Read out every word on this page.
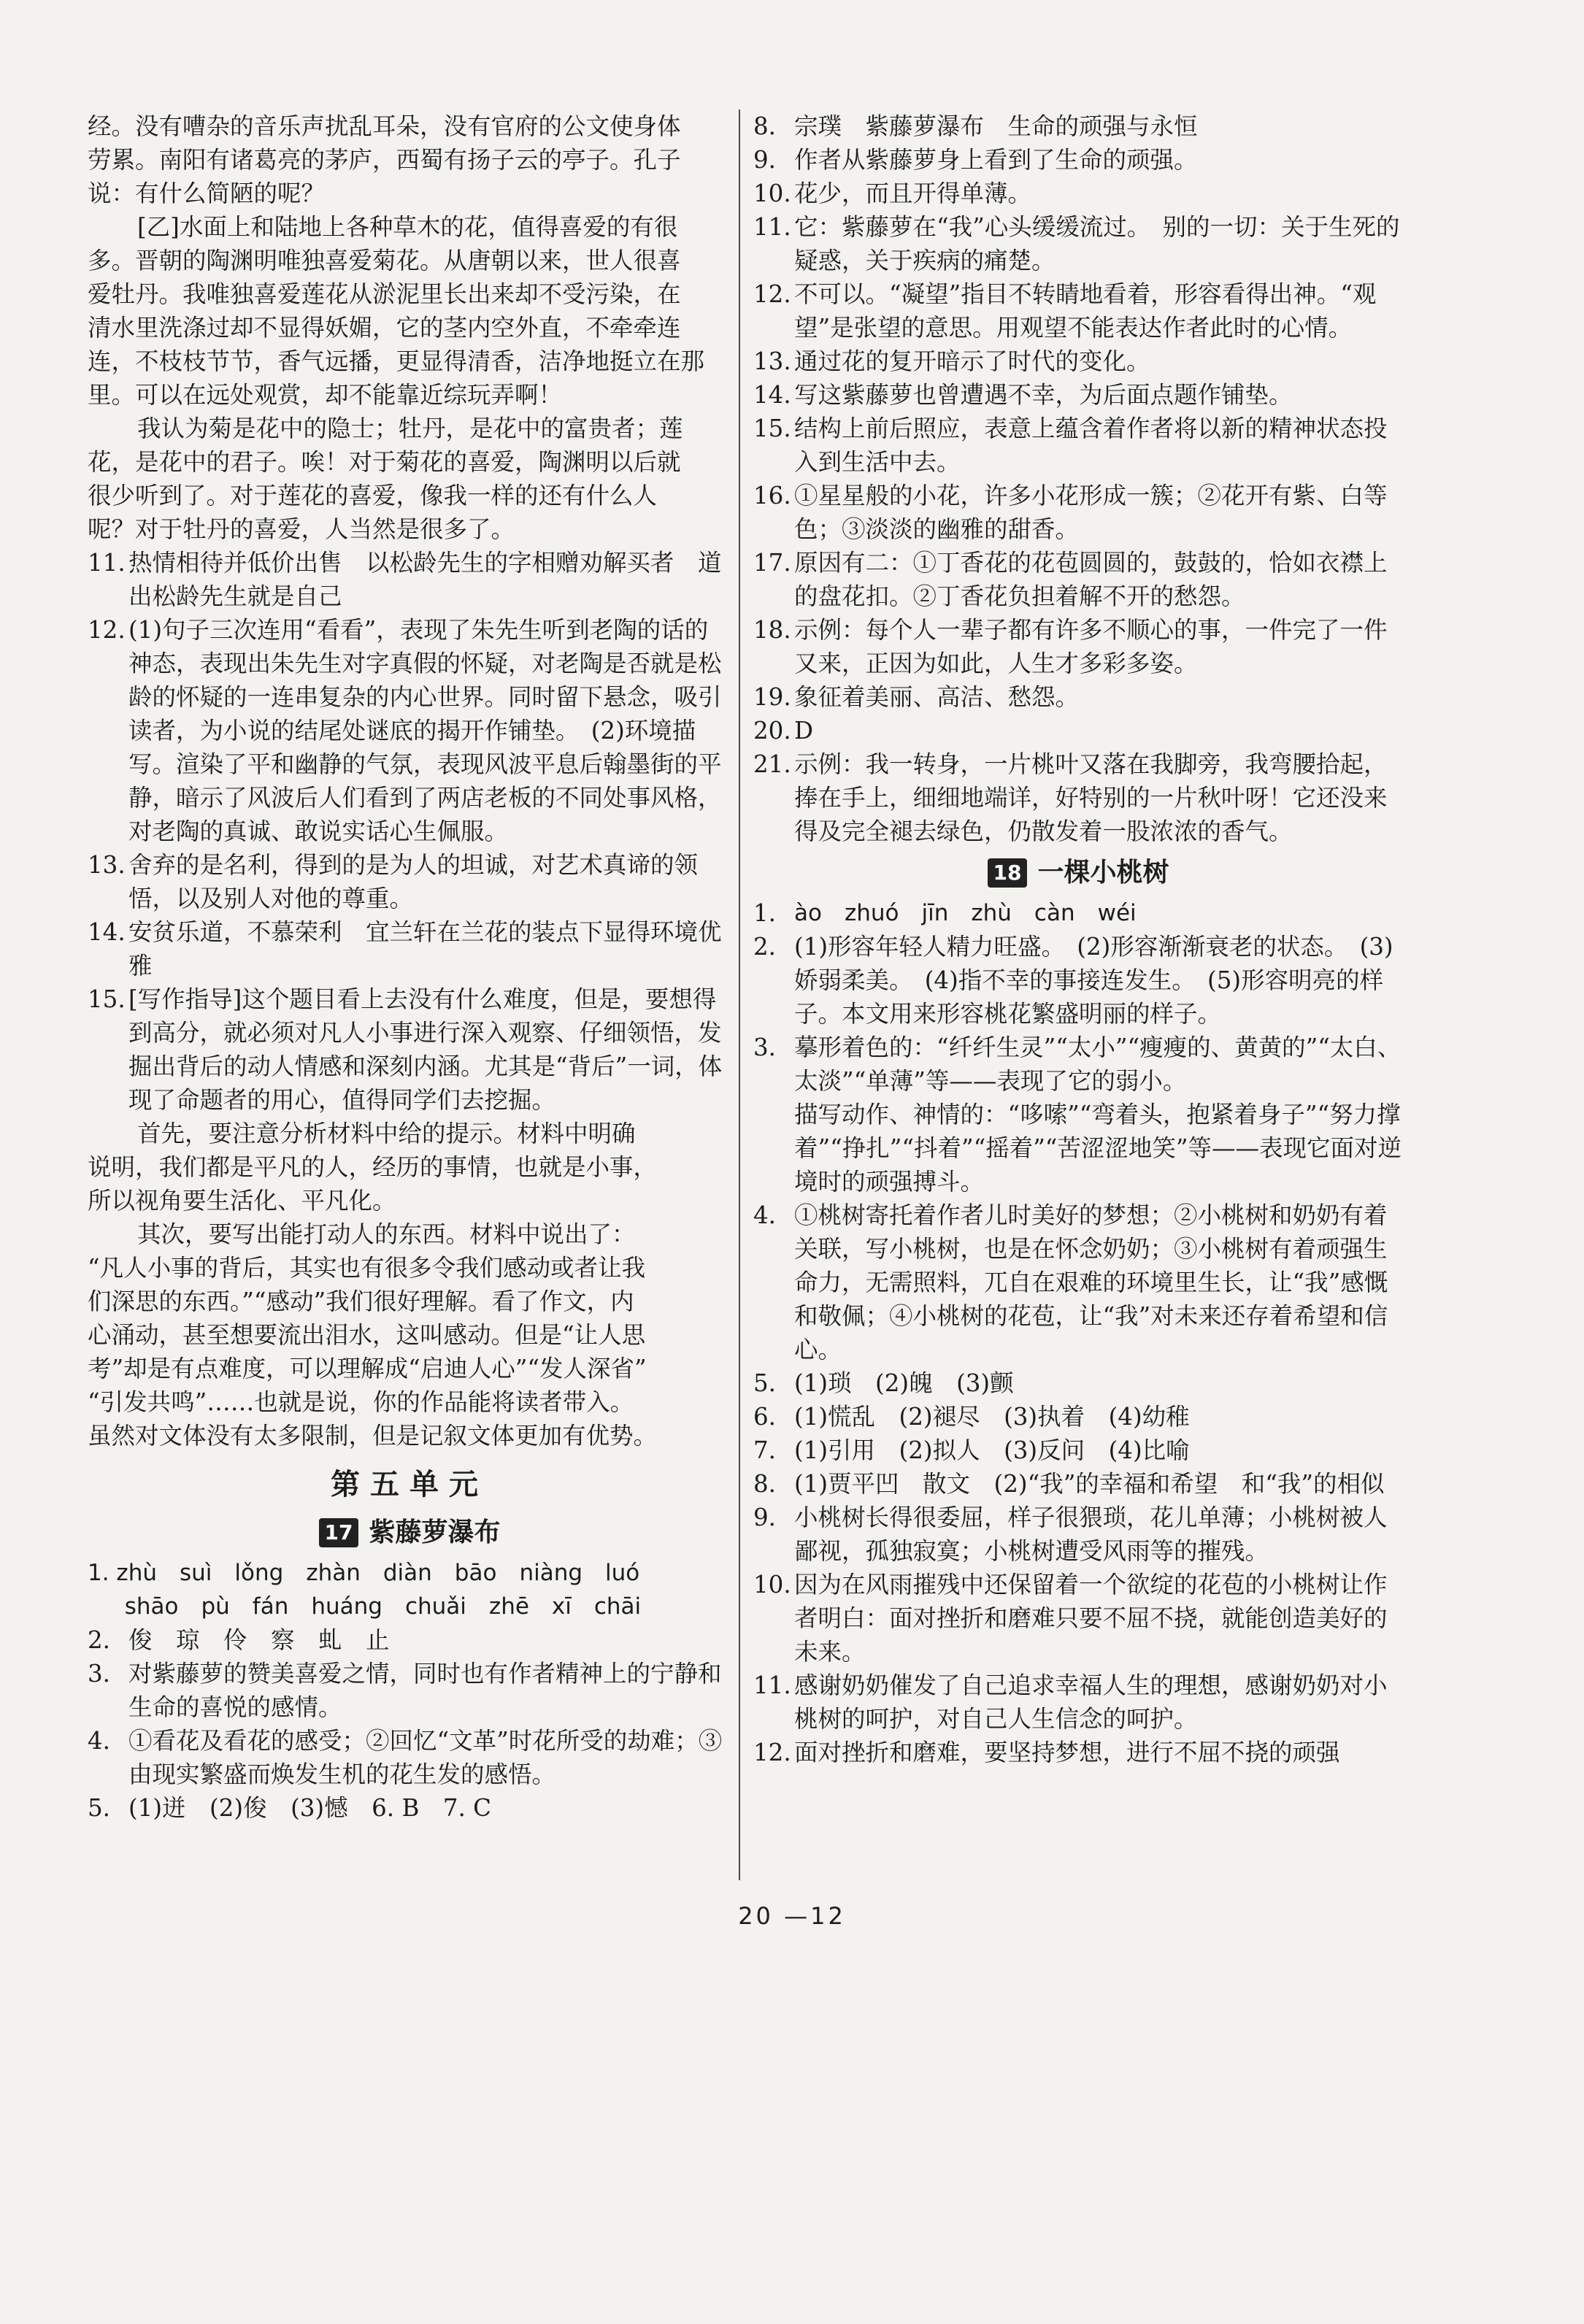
经。没有嘈杂的音乐声扰乱耳朵，没有官府的公文使身体

劳累。南阳有诸葛亮的茅庐，西蜀有扬子云的亭子。孔子

说：有什么简陋的呢？

[乙]水面上和陆地上各种草木的花，值得喜爱的有很

多。晋朝的陶渊明唯独喜爱菊花。从唐朝以来，世人很喜

爱牡丹。我唯独喜爱莲花从淤泥里长出来却不受污染，在

清水里洗涤过却不显得妖媚，它的茎内空外直，不牵牵连

连，不枝枝节节，香气远播，更显得清香，洁净地挺立在那

里。可以在远处观赏，却不能靠近综玩弄啊！

我认为菊是花中的隐士；牡丹，是花中的富贵者；莲

花，是花中的君子。唉！对于菊花的喜爱，陶渊明以后就

很少听到了。对于莲花的喜爱，像我一样的还有什么人

呢？对于牡丹的喜爱，人当然是很多了。

11. 热情相待并低价出售　以松龄先生的字相赠劝解买者　道出松龄先生就是自己
12. (1)句子三次连用“看看”，表现了朱先生听到老陶的话的神态，表现出朱先生对字真假的怀疑，对老陶是否就是松龄的怀疑的一连串复杂的内心世界。同时留下悬念，吸引读者，为小说的结尾处谜底的揭开作铺垫。　(2)环境描写。渲染了平和幽静的气氛，表现风波平息后翰墨街的平静，暗示了风波后人们看到了两店老板的不同处事风格，对老陶的真诚、敢说实话心生佩服。
13. 舍弃的是名利，得到的是为人的坦诚，对艺术真谛的领悟，以及别人对他的尊重。
14. 安贫乐道，不慕荣利　宜兰轩在兰花的装点下显得环境优雅
15. [写作指导]这个题目看上去没有什么难度，但是，要想得到高分，就必须对凡人小事进行深入观察、仔细领悟，发掘出背后的动人情感和深刻内涵。尤其是“背后”一词，体现了命题者的用心，值得同学们去挖掘。

首先，要注意分析材料中给的提示。材料中明确

说明，我们都是平凡的人，经历的事情，也就是小事，

所以视角要生活化、平凡化。

其次，要写出能打动人的东西。材料中说出了：

“凡人小事的背后，其实也有很多令我们感动或者让我

们深思的东西。”“感动”我们很好理解。看了作文，内

心涌动，甚至想要流出泪水，这叫感动。但是“让人思

考”却是有点难度，可以理解成“启迪人心”“发人深省”

“引发共鸣”……也就是说，你的作品能将读者带入。

虽然对文体没有太多限制，但是记叙文体更加有优势。

第五单元
17 紫藤萝瀑布

1. zhù　suì　lǒng　zhàn　diàn　bāo　niàng　luó

　  shāo　pù　fán　huáng　chuǎi　zhē　xī　chāi

2. 俊　琼　伶　察　虬　止
3. 对紫藤萝的赞美喜爱之情，同时也有作者精神上的宁静和生命的喜悦的感情。
4. ①看花及看花的感受；②回忆“文革”时花所受的劫难；③由现实繁盛而焕发生机的花生发的感悟。
5. (1)迸　(2)俊　(3)憾　6. B　7. C
8. 宗璞　紫藤萝瀑布　生命的顽强与永恒
9. 作者从紫藤萝身上看到了生命的顽强。
10. 花少，而且开得单薄。
11. 它：紫藤萝在“我”心头缓缓流过。　别的一切：关于生死的疑惑，关于疾病的痛楚。
12. 不可以。“凝望”指目不转睛地看着，形容看得出神。“观望”是张望的意思。用观望不能表达作者此时的心情。
13. 通过花的复开暗示了时代的变化。
14. 写这紫藤萝也曾遭遇不幸，为后面点题作铺垫。
15. 结构上前后照应，表意上蕴含着作者将以新的精神状态投入到生活中去。
16. ①星星般的小花，许多小花形成一簇；②花开有紫、白等色；③淡淡的幽雅的甜香。
17. 原因有二：①丁香花的花苞圆圆的，鼓鼓的，恰如衣襟上的盘花扣。②丁香花负担着解不开的愁怨。
18. 示例：每个人一辈子都有许多不顺心的事，一件完了一件又来，正因为如此，人生才多彩多姿。
19. 象征着美丽、高洁、愁怨。
20. D
21. 示例：我一转身，一片桃叶又落在我脚旁，我弯腰拾起，捧在手上，细细地端详，好特别的一片秋叶呀！它还没来得及完全褪去绿色，仍散发着一股浓浓的香气。
18 一棵小桃树
1. ào　zhuó　jīn　zhù　càn　wéi
2. (1)形容年轻人精力旺盛。　(2)形容渐渐衰老的状态。　(3)娇弱柔美。　(4)指不幸的事接连发生。　(5)形容明亮的样子。本文用来形容桃花繁盛明丽的样子。
3. 摹形着色的：“纤纤生灵”“太小”“瘦瘦的、黄黄的”“太白、太淡”“单薄”等——表现了它的弱小。
描写动作、神情的：“哆嗦”“弯着头，抱紧着身子”“努力撑着”“挣扎”“抖着”“摇着”“苦涩涩地笑”等——表现它面对逆境时的顽强搏斗。
4. ①桃树寄托着作者儿时美好的梦想；②小桃树和奶奶有着关联，写小桃树，也是在怀念奶奶；③小桃树有着顽强生命力，无需照料，兀自在艰难的环境里生长，让“我”感慨和敬佩；④小桃树的花苞，让“我”对未来还存着希望和信心。
5. (1)琐　(2)魄　(3)颤
6. (1)慌乱　(2)褪尽　(3)执着　(4)幼稚
7. (1)引用　(2)拟人　(3)反问　(4)比喻
8. (1)贾平凹　散文　(2)“我”的幸福和希望　和“我”的相似
9. 小桃树长得很委屈，样子很猥琐，花儿单薄；小桃树被人鄙视，孤独寂寞；小桃树遭受风雨等的摧残。
10. 因为在风雨摧残中还保留着一个欲绽的花苞的小桃树让作者明白：面对挫折和磨难只要不屈不挠，就能创造美好的未来。
11. 感谢奶奶催发了自己追求幸福人生的理想，感谢奶奶对小桃树的呵护，对自己人生信念的呵护。
12. 面对挫折和磨难，要坚持梦想，进行不屈不挠的顽强
20 —12
